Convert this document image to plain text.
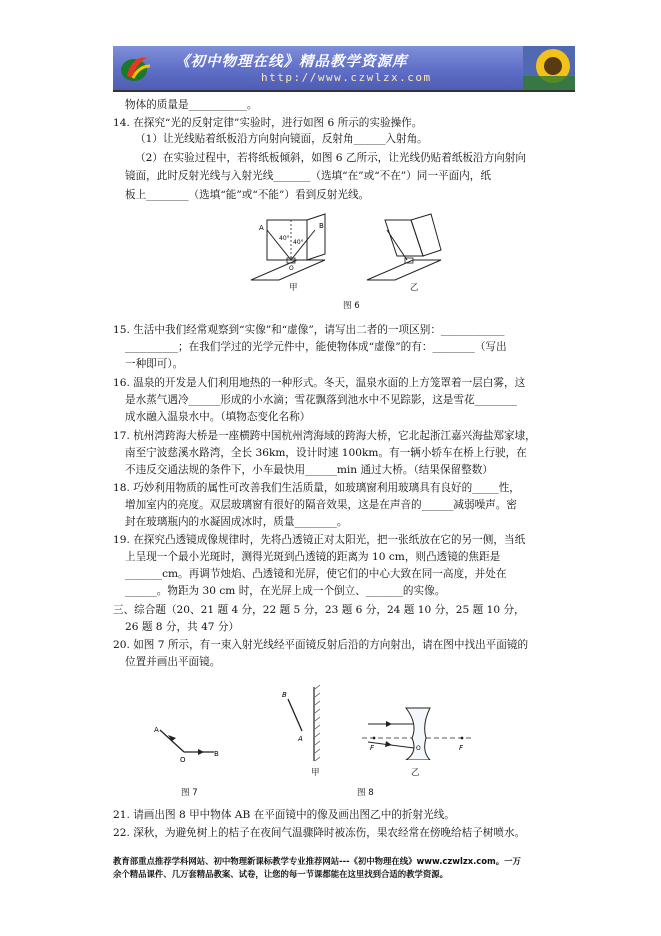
《初中物理在线》精品教学资源库
http://www.czwlzx.com
物体的质量是___________。
14. 在探究“光的反射定律”实验时，进行如图 6 所示的实验操作。
（1）让光线贴着纸板沿方向射向镜面，反射角______入射角。
（2）在实验过程中，若将纸板倾斜，如图 6 乙所示，让光线仍贴着纸板沿方向射向
镜面，此时反射光线与入射光线_______（选填“在”或“不在”）同一平面内，纸
板上________（选填“能”或“不能”）看到反射光线。
A	B
O
40°
40°
甲	乙
图 6
15. 生活中我们经常观察到“实像”和“虚像”，请写出二者的一项区别：____________
__________；在我们学过的光学元件中，能使物体成“虚像”的有：________（写出
一种即可）。
16. 温泉的开发是人们利用地热的一种形式。冬天，温泉水面的上方笼罩着一层白雾，这
是水蒸气遇冷______形成的小水滴；雪花飘落到池水中不见踪影，这是雪花________
成水融入温泉水中。（填物态变化名称）
17. 杭州湾跨海大桥是一座横跨中国杭州湾海域的跨海大桥，它北起浙江嘉兴海盐郑家埭，
南至宁波慈溪水路湾，全长 36km，设计时速 100km。有一辆小轿车在桥上行驶，在
不违反交通法规的条件下，小车最快用______min 通过大桥。（结果保留整数）
18. 巧妙利用物质的属性可改善我们生活质量，如玻璃窗利用玻璃具有良好的_____性，
增加室内的亮度。双层玻璃窗有很好的隔音效果，这是在声音的______减弱噪声。密
封在玻璃瓶内的水凝固成冰时，质量________。
19. 在探究凸透镜成像规律时，先将凸透镜正对太阳光，把一张纸放在它的另一侧，当纸
上呈现一个最小光斑时，测得光斑到凸透镜的距离为 10 cm，则凸透镜的焦距是
_______cm。再调节烛焰、凸透镜和光屏，使它们的中心大致在同一高度，并处在
______。物距为 30 cm 时，在光屏上成一个倒立、_______的实像。
三、综合题（20、21 题 4 分，22 题 5 分，23 题 6 分，24 题 10 分，25 题 10 分，
26 题 8 分，共 47 分）
20. 如图 7 所示，有一束入射光线经平面镜反射后沿的方向射出，请在图中找出平面镜的
位置并画出平面镜。
A
O
B
图 7
B
A
甲
F	F
O
乙
图 8
21. 请画出图 8 甲中物体 AB 在平面镜中的像及画出图乙中的折射光线。
22. 深秋，为避免树上的桔子在夜间气温骤降时被冻伤，果农经常在傍晚给桔子树喷水。
教育部重点推荐学科网站、初中物理新课标教学专业推荐网站---《初中物理在线》www.czwlzx.com。一万
余个精品课件、几万套精品教案、试卷，让您的每一节课都能在这里找到合适的教学资源。
